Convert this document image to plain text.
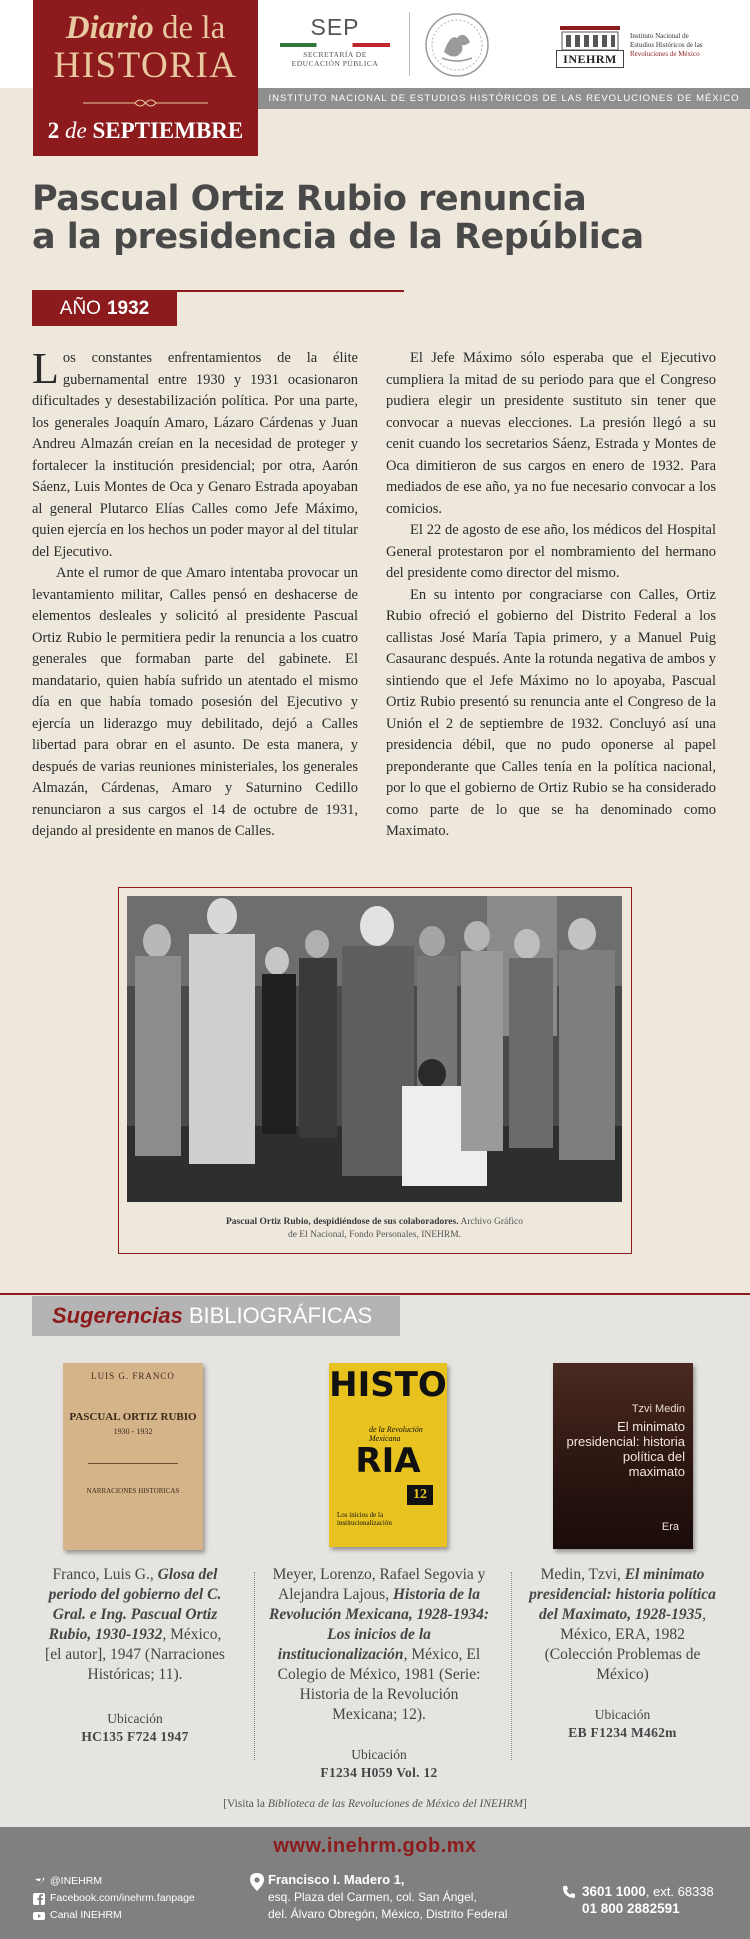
INSTITUTO NACIONAL DE ESTUDIOS HISTÓRICOS DE LAS REVOLUCIONES DE MÉXICO
Diario de la
HISTORIA
2 de SEPTIEMBRE
SEP
SECRETARÍA DE
EDUCACIÓN PÚBLICA	INEHRM
Instituto Nacional de
Estudios Históricos de las
Revoluciones de México
Pascual Ortiz Rubio renuncia
a la presidencia de la República
AÑO 1932

Los constantes enfrentamientos de la élite gubernamental entre 1930 y 1931 ocasionaron dificultades y desestabilización política. Por una parte, los generales Joaquín Amaro, Lázaro Cárdenas y Juan Andreu Almazán creían en la necesidad de proteger y fortalecer la institución presidencial; por otra, Aarón Sáenz, Luis Montes de Oca y Genaro Estrada apoyaban al general Plutarco Elías Calles como Jefe Máximo, quien ejercía en los hechos un poder mayor al del titular del Ejecutivo.

Ante el rumor de que Amaro intentaba provocar un levantamiento militar, Calles pensó en deshacerse de elementos desleales y solicitó al presidente Pascual Ortiz Rubio le permitiera pedir la renuncia a los cuatro generales que formaban parte del gabinete. El mandatario, quien había sufrido un atentado el mismo día en que había tomado posesión del Ejecutivo y ejercía un liderazgo muy debilitado, dejó a Calles libertad para obrar en el asunto. De esta manera, y después de varias reuniones ministeriales, los generales Almazán, Cárdenas, Amaro y Saturnino Cedillo renunciaron a sus cargos el 14 de octubre de 1931, dejando al presidente en manos de Calles.

El Jefe Máximo sólo esperaba que el Ejecutivo cumpliera la mitad de su periodo para que el Congreso pudiera elegir un presidente sustituto sin tener que convocar a nuevas elecciones. La presión llegó a su cenit cuando los secretarios Sáenz, Estrada y Montes de Oca dimitieron de sus cargos en enero de 1932. Para mediados de ese año, ya no fue necesario convocar a los comicios.

El 22 de agosto de ese año, los médicos del Hospital General protestaron por el nombramiento del hermano del presidente como director del mismo.

En su intento por congraciarse con Calles, Ortiz Rubio ofreció el gobierno del Distrito Federal a los callistas José María Tapia primero, y a Manuel Puig Casauranc después. Ante la rotunda negativa de ambos y sintiendo que el Jefe Máximo no lo apoyaba, Pascual Ortiz Rubio presentó su renuncia ante el Congreso de la Unión el 2 de septiembre de 1932. Concluyó así una presidencia débil, que no pudo oponerse al papel preponderante que Calles tenía en la política nacional, por lo que el gobierno de Ortiz Rubio se ha considerado como parte de lo que se ha denominado como Maximato.

Pascual Ortiz Rubio, despidiéndose de sus colaboradores. Archivo Gráfico
de El Nacional, Fondo Personales, INEHRM.
Sugerencias BIBLIOGRÁFICAS
LUIS G. FRANCO
PASCUAL ORTIZ RUBIO
1930 - 1932
NARRACIONES HISTORICAS
Franco, Luis G., Glosa del periodo del gobierno del C. Gral. e Ing. Pascual Ortiz Rubio, 1930-1932, México, [el autor], 1947 (Narraciones Históricas; 11).
Ubicación
HC135 F724 1947
HISTO
de la Revolución Mexicana
RIA
12
Los inicios de la institucionalización
Meyer, Lorenzo, Rafael Segovia y Alejandra Lajous, Historia de la Revolución Mexicana, 1928-1934: Los inicios de la institucionalización, México, El Colegio de México, 1981 (Serie: Historia de la Revolución Mexicana; 12).
Ubicación
F1234 H059 Vol. 12
Tzvi Medin
El minimato presidencial: historia política del maximato
Era
Medin, Tzvi, El minimato presidencial: historia política del Maximato, 1928-1935, México, ERA, 1982 (Colección Problemas de México)
Ubicación
EB F1234 M462m
[Visita la Biblioteca de las Revoluciones de México del INEHRM]
www.inehrm.gob.mx
@INEHRM
Facebook.com/inehrm.fanpage
Canal INEHRM
Francisco I. Madero 1,
esq. Plaza del Carmen, col. San Ángel,
del. Álvaro Obregón, México, Distrito Federal
3601 1000, ext. 68338
01 800 2882591
